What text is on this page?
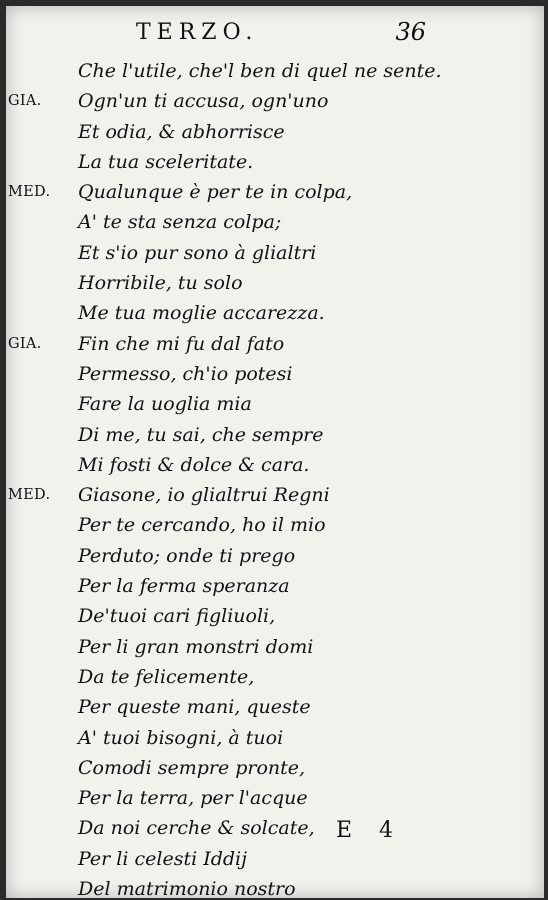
TERZO.	36
Che l'utile, che'l ben di quel ne sente.
GIA. Ogn'un ti accusa, ogn'uno
Et odia, & abhorrisce
La tua sceleritate.
MED. Qualunque è per te in colpa,
A' te sta senza colpa;
Et s'io pur sono à glialtri
Horribile, tu solo
Me tua moglie accarezza.
GIA. Fin che mi fu dal fato
Permesso, ch'io potesi
Fare la uoglia mia
Di me, tu sai, che sempre
Mi fosti & dolce & cara.
MED. Giasone, io glialtrui Regni
Per te cercando, ho il mio
Perduto; onde ti prego
Per la ferma speranza
De'tuoi cari figliuoli,
Per li gran monstri domi
Da te felicemente,
Per queste mani, queste
A' tuoi bisogni, à tuoi
Comodi sempre pronte,
Per la terra, per l'acque
Da noi cerche & solcate,
Per li celesti Iddij
Del matrimonio nostro
E 4
